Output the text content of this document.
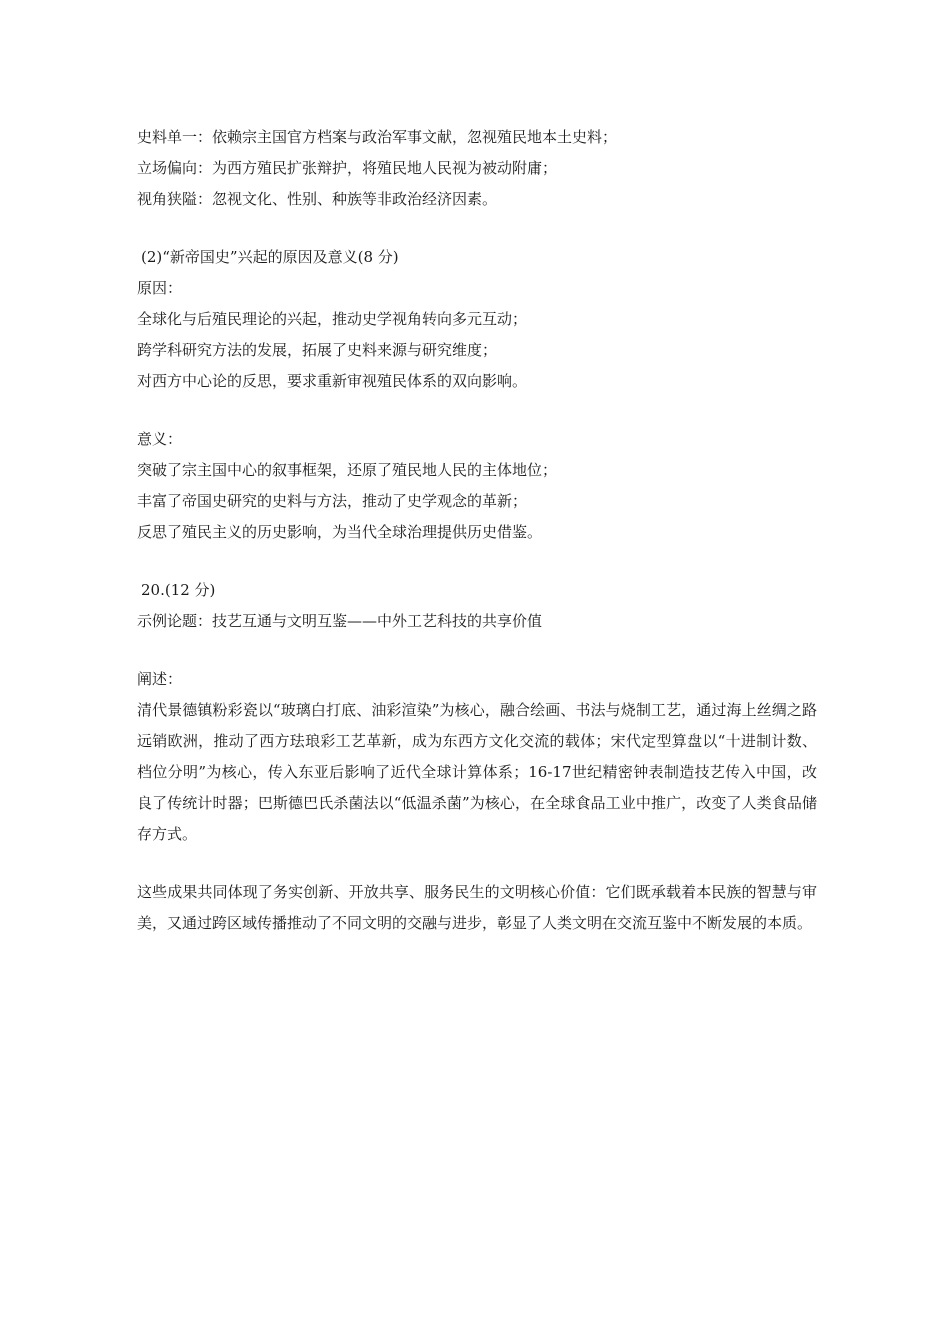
史料单一：依赖宗主国官方档案与政治军事文献，忽视殖民地本土史料；
立场偏向：为西方殖民扩张辩护，将殖民地人民视为被动附庸；
视角狭隘：忽视文化、性别、种族等非政治经济因素。
(2)“新帝国史”兴起的原因及意义(8 分)
原因：
全球化与后殖民理论的兴起，推动史学视角转向多元互动；
跨学科研究方法的发展，拓展了史料来源与研究维度；
对西方中心论的反思，要求重新审视殖民体系的双向影响。
意义：
突破了宗主国中心的叙事框架，还原了殖民地人民的主体地位；
丰富了帝国史研究的史料与方法，推动了史学观念的革新；
反思了殖民主义的历史影响，为当代全球治理提供历史借鉴。
20.(12 分)
示例论题：技艺互通与文明互鉴——中外工艺科技的共享价值
阐述：
清代景德镇粉彩瓷以“玻璃白打底、油彩渲染”为核心，融合绘画、书法与烧制工艺，通过海上丝绸之路远销欧洲，推动了西方珐琅彩工艺革新，成为东西方文化交流的载体；宋代定型算盘以“十进制计数、档位分明”为核心，传入东亚后影响了近代全球计算体系；16-17世纪精密钟表制造技艺传入中国，改良了传统计时器；巴斯德巴氏杀菌法以“低温杀菌”为核心，在全球食品工业中推广，改变了人类食品储存方式。
这些成果共同体现了务实创新、开放共享、服务民生的文明核心价值：它们既承载着本民族的智慧与审美，又通过跨区域传播推动了不同文明的交融与进步，彰显了人类文明在交流互鉴中不断发展的本质。
